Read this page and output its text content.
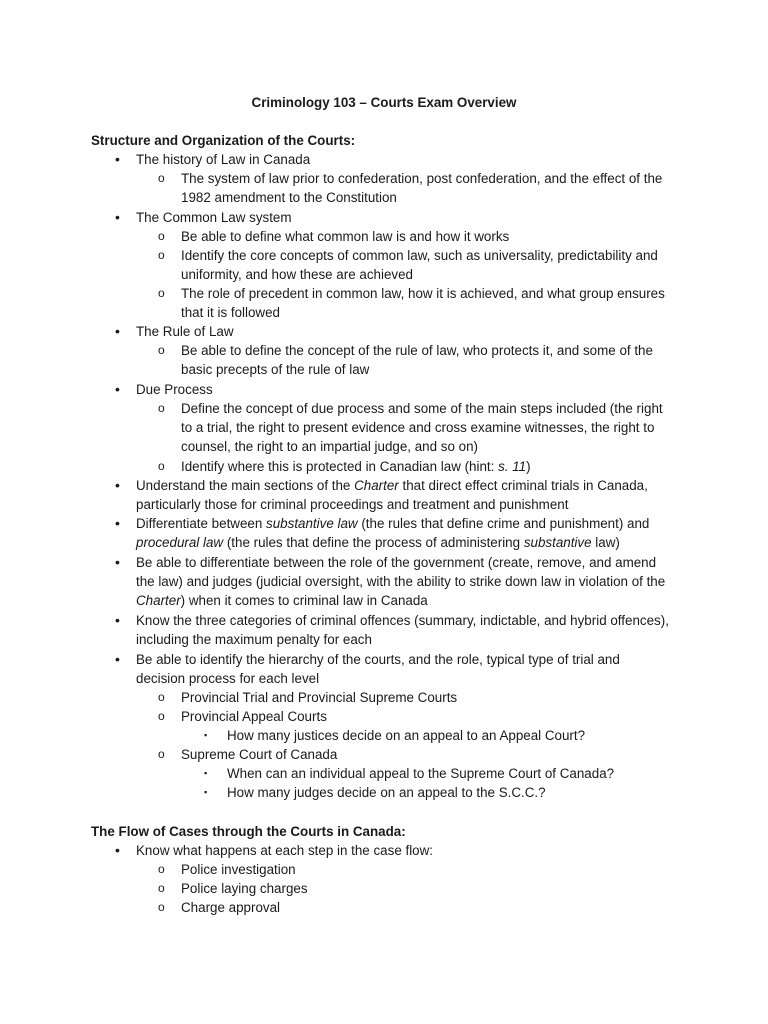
Criminology 103 – Courts Exam Overview
Structure and Organization of the Courts:
• The history of Law in Canada
o The system of law prior to confederation, post confederation, and the effect of the 1982 amendment to the Constitution
• The Common Law system
o Be able to define what common law is and how it works
o Identify the core concepts of common law, such as universality, predictability and uniformity, and how these are achieved
o The role of precedent in common law, how it is achieved, and what group ensures that it is followed
• The Rule of Law
o Be able to define the concept of the rule of law, who protects it, and some of the basic precepts of the rule of law
• Due Process
o Define the concept of due process and some of the main steps included (the right to a trial, the right to present evidence and cross examine witnesses, the right to counsel, the right to an impartial judge, and so on)
o Identify where this is protected in Canadian law (hint: s. 11)
• Understand the main sections of the Charter that direct effect criminal trials in Canada, particularly those for criminal proceedings and treatment and punishment
• Differentiate between substantive law (the rules that define crime and punishment) and procedural law (the rules that define the process of administering substantive law)
• Be able to differentiate between the role of the government (create, remove, and amend the law) and judges (judicial oversight, with the ability to strike down law in violation of the Charter) when it comes to criminal law in Canada
• Know the three categories of criminal offences (summary, indictable, and hybrid offences), including the maximum penalty for each
• Be able to identify the hierarchy of the courts, and the role, typical type of trial and decision process for each level
o Provincial Trial and Provincial Supreme Courts
o Provincial Appeal Courts
▪ How many justices decide on an appeal to an Appeal Court?
o Supreme Court of Canada
▪ When can an individual appeal to the Supreme Court of Canada?
▪ How many judges decide on an appeal to the S.C.C.?
The Flow of Cases through the Courts in Canada:
• Know what happens at each step in the case flow:
o Police investigation
o Police laying charges
o Charge approval
